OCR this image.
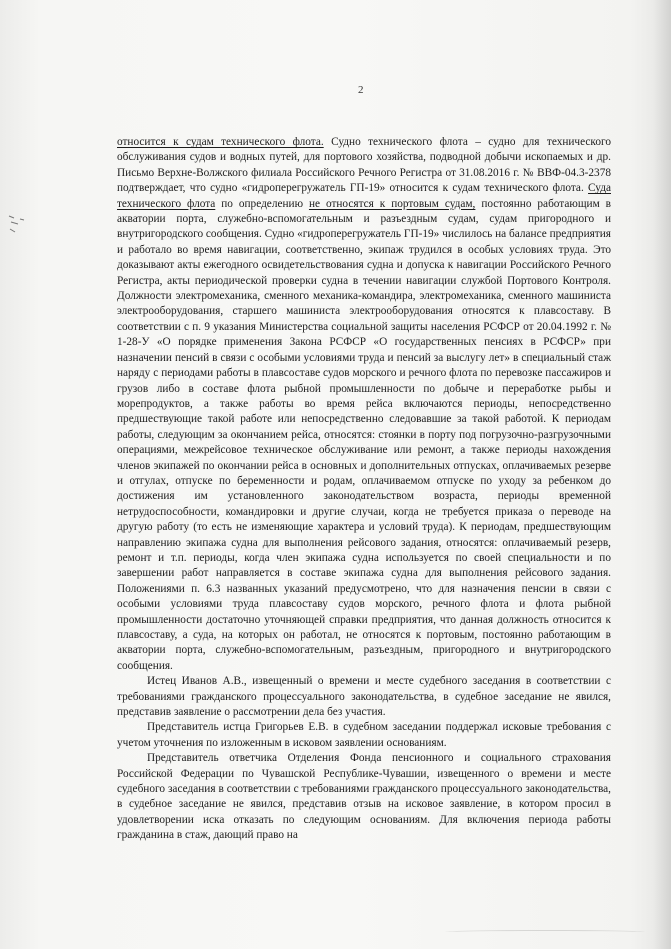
2

относится к судам технического флота. Судно технического флота – судно для технического обслуживания судов и водных путей, для портового хозяйства, подводной добычи ископаемых и др. Письмо Верхне-Волжского филиала Российского Речного Регистра от 31.08.2016 г. № ВВФ-04.3-2378 подтверждает, что судно «гидроперегружатель ГП-19» относится к судам технического флота. Суда технического флота по определению не относятся к портовым судам, постоянно работающим в акватории порта, служебно-вспомогательным и разъездным судам, судам пригородного и внутригородского сообщения. Судно «гидроперегружатель ГП-19» числилось на балансе предприятия и работало во время навигации, соответственно, экипаж трудился в особых условиях труда. Это доказывают акты ежегодного освидетельствования судна и допуска к навигации Российского Речного Регистра, акты периодической проверки судна в течении навигации службой Портового Контроля. Должности электромеханика, сменного механика-командира, электромеханика, сменного машиниста электрооборудования, старшего машиниста электрооборудования относятся к плавсоставу. В соответствии с п. 9 указания Министерства социальной защиты населения РСФСР от 20.04.1992 г. № 1-28-У «О порядке применения Закона РСФСР «О государственных пенсиях в РСФСР» при назначении пенсий в связи с особыми условиями труда и пенсий за выслугу лет» в специальный стаж наряду с периодами работы в плавсоставе судов морского и речного флота по перевозке пассажиров и грузов либо в составе флота рыбной промышленности по добыче и переработке рыбы и морепродуктов, а также работы во время рейса включаются периоды, непосредственно предшествующие такой работе или непосредственно следовавшие за такой работой. К периодам работы, следующим за окончанием рейса, относятся: стоянки в порту под погрузочно-разгрузочными операциями, межрейсовое техническое обслуживание или ремонт, а также периоды нахождения членов экипажей по окончании рейса в основных и дополнительных отпусках, оплачиваемых резерве и отгулах, отпуске по беременности и родам, оплачиваемом отпуске по уходу за ребенком до достижения им установленного законодательством возраста, периоды временной нетрудоспособности, командировки и другие случаи, когда не требуется приказа о переводе на другую работу (то есть не изменяющие характера и условий труда). К периодам, предшествующим направлению экипажа судна для выполнения рейсового задания, относятся: оплачиваемый резерв, ремонт и т.п. периоды, когда член экипажа судна используется по своей специальности и по завершении работ направляется в составе экипажа судна для выполнения рейсового задания. Положениями п. 6.3 названных указаний предусмотрено, что для назначения пенсии в связи с особыми условиями труда плавсоставу судов морского, речного флота и флота рыбной промышленности достаточно уточняющей справки предприятия, что данная должность относится к плавсоставу, а суда, на которых он работал, не относятся к портовым, постоянно работающим в акватории порта, служебно-вспомогательным, разъездным, пригородного и внутригородского сообщения.

Истец Иванов А.В., извещенный о времени и месте судебного заседания в соответствии с требованиями гражданского процессуального законодательства, в судебное заседание не явился, представив заявление о рассмотрении дела без участия.

Представитель истца Григорьев Е.В. в судебном заседании поддержал исковые требования с учетом уточнения по изложенным в исковом заявлении основаниям.

Представитель ответчика Отделения Фонда пенсионного и социального страхования Российской Федерации по Чувашской Республике-Чувашии, извещенного о времени и месте судебного заседания в соответствии с требованиями гражданского процессуального законодательства, в судебное заседание не явился, представив отзыв на исковое заявление, в котором просил в удовлетворении иска отказать по следующим основаниям. Для включения периода работы гражданина в стаж, дающий право на
